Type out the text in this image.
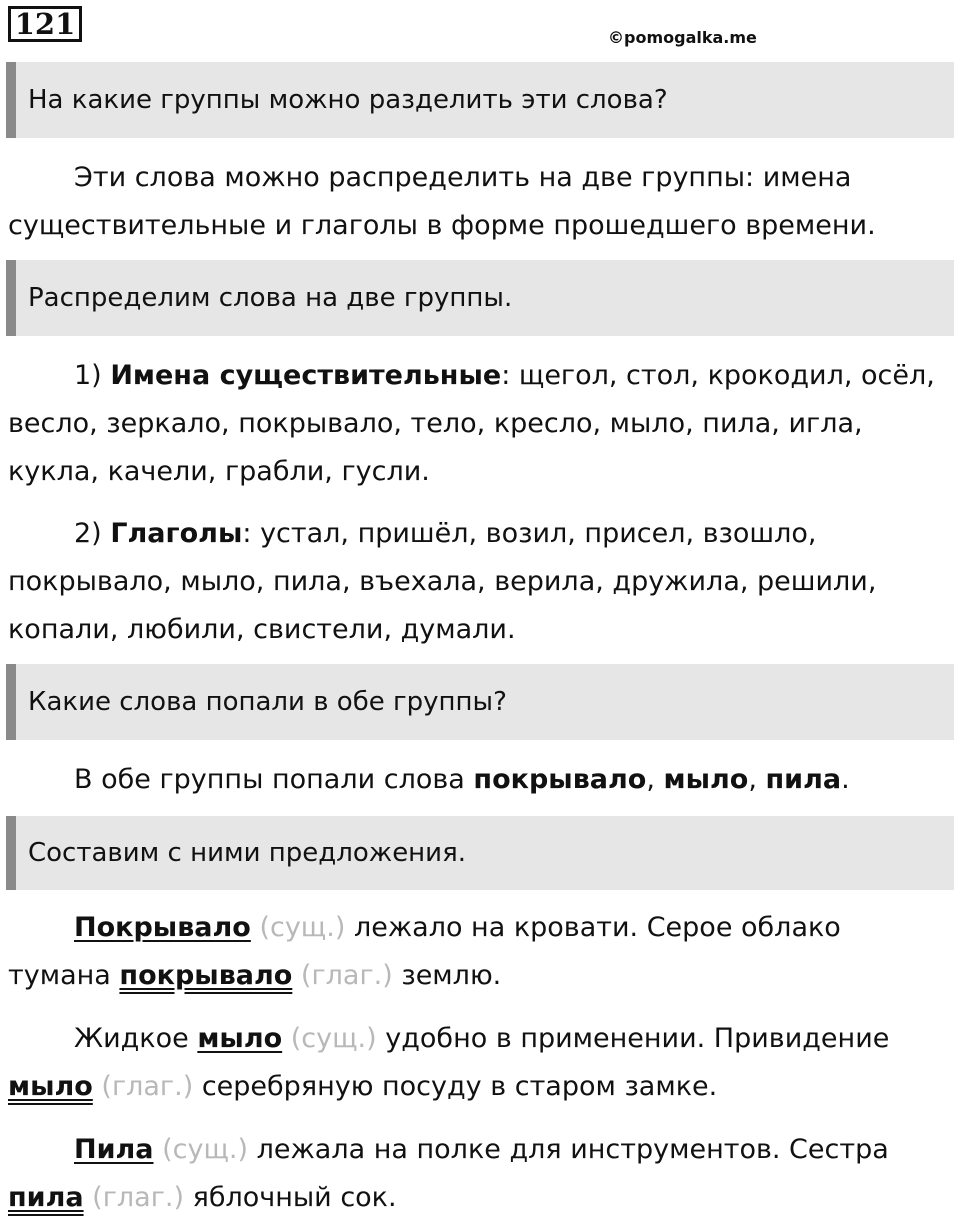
121	©pomogalka.me
На какие группы можно разделить эти слова?
Эти слова можно распределить на две группы: имена
существительные и глаголы в форме прошедшего времени.
Распределим слова на две группы.
1) Имена существительные: щегол, стол, крокодил, осёл,
весло, зеркало, покрывало, тело, кресло, мыло, пила, игла,
кукла, качели, грабли, гусли.
2) Глаголы: устал, пришёл, возил, присел, взошло,
покрывало, мыло, пила, въехала, верила, дружила, решили,
копали, любили, свистели, думали.
Какие слова попали в обе группы?
В обе группы попали слова покрывало, мыло, пила.
Составим с ними предложения.
Покрывало (сущ.) лежало на кровати. Серое облако
тумана покрывало (глаг.) землю.
Жидкое мыло (сущ.) удобно в применении. Привидение
мыло (глаг.) серебряную посуду в старом замке.
Пила (сущ.) лежала на полке для инструментов. Сестра
пила (глаг.) яблочный сок.
